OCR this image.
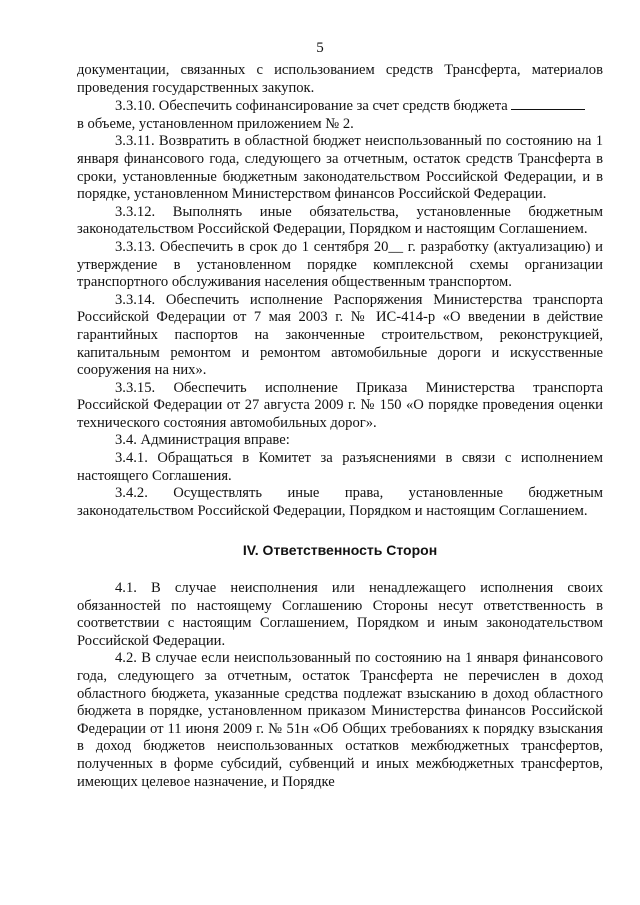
5

документации, связанных с использованием средств Трансферта, материалов проведения государственных закупок.

3.3.10. Обеспечить софинансирование за счет средств бюджета

в объеме, установленном приложением № 2.

3.3.11. Возвратить в областной бюджет неиспользованный по состоянию на 1 января финансового года, следующего за отчетным, остаток средств Трансферта в сроки, установленные бюджетным законодательством Российской Федерации, и в порядке, установленном Министерством финансов Российской Федерации.

3.3.12. Выполнять иные обязательства, установленные бюджетным законодательством Российской Федерации, Порядком и настоящим Соглашением.

3.3.13. Обеспечить в срок до 1 сентября 20__ г. разработку (актуализацию) и утверждение в установленном порядке комплексной схемы организации транспортного обслуживания населения общественным транспортом.

3.3.14. Обеспечить исполнение Распоряжения Министерства транспорта Российской Федерации от 7 мая 2003 г. № ИС-414-р «О введении в действие гарантийных паспортов на законченные строительством, реконструкцией, капитальным ремонтом и ремонтом автомобильные дороги и искусственные сооружения на них».

3.3.15. Обеспечить исполнение Приказа Министерства транспорта Российской Федерации от 27 августа 2009 г. № 150 «О порядке проведения оценки технического состояния автомобильных дорог».

3.4. Администрация вправе:

3.4.1. Обращаться в Комитет за разъяснениями в связи с исполнением настоящего Соглашения.

3.4.2. Осуществлять иные права, установленные бюджетным законодательством Российской Федерации, Порядком и настоящим Соглашением.

IV. Ответственность Сторон

4.1. В случае неисполнения или ненадлежащего исполнения своих обязанностей по настоящему Соглашению Стороны несут ответственность в соответствии с настоящим Соглашением, Порядком и иным законодательством Российской Федерации.

4.2. В случае если неиспользованный по состоянию на 1 января финансового года, следующего за отчетным, остаток Трансферта не перечислен в доход областного бюджета, указанные средства подлежат взысканию в доход областного бюджета в порядке, установленном приказом Министерства финансов Российской Федерации от 11 июня 2009 г. № 51н «Об Общих требованиях к порядку взыскания в доход бюджетов неиспользованных остатков межбюджетных трансфертов, полученных в форме субсидий, субвенций и иных межбюджетных трансфертов, имеющих целевое назначение, и Порядке
